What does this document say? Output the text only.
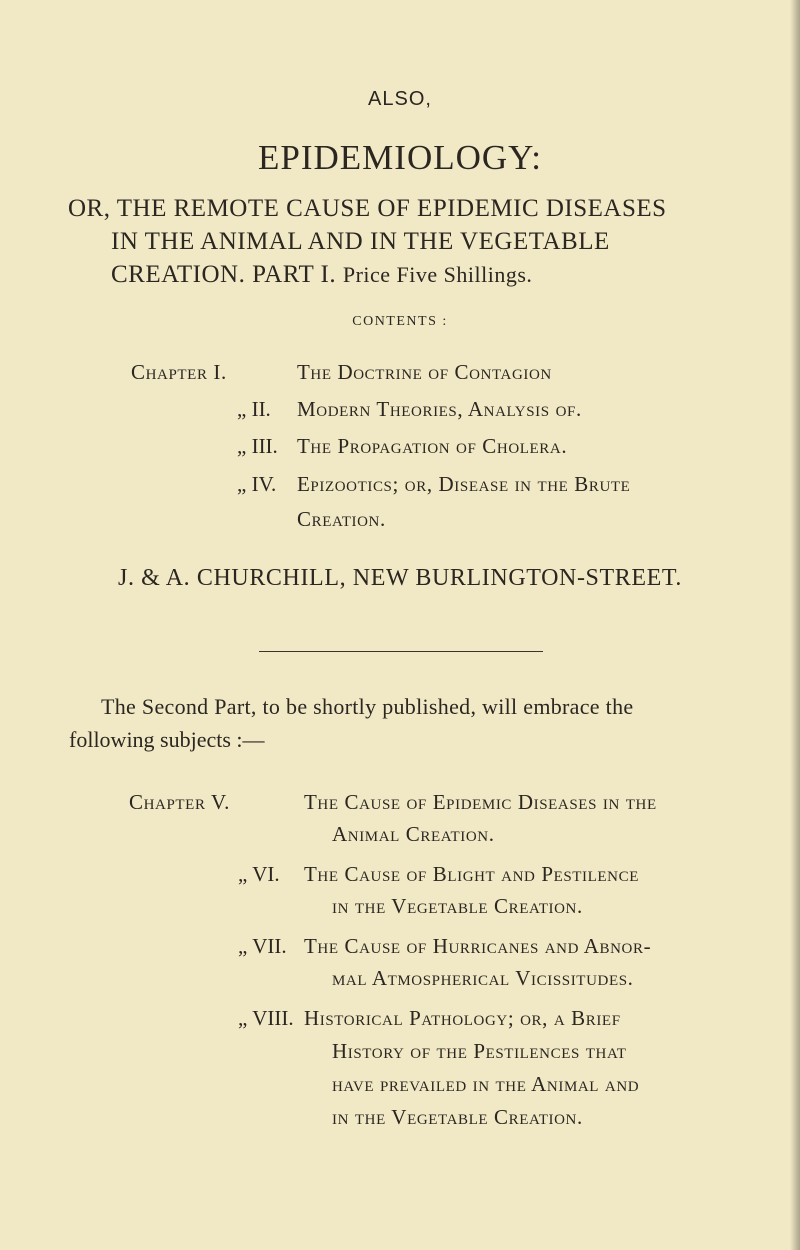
ALSO,
EPIDEMIOLOGY:
OR, THE REMOTE CAUSE OF EPIDEMIC DISEASES
IN THE ANIMAL AND IN THE VEGETABLE
CREATION. PART I. Price Five Shillings.
CONTENTS :
Chapter I.	The Doctrine of Contagion
„ II. Modern Theories, Analysis of.
„ III. The Propagation of Cholera.
„ IV. Epizootics; or, Disease in the Brute
Creation.
J. & A. CHURCHILL, NEW BURLINGTON-STREET.
The Second Part, to be shortly published, will embrace the
following subjects :—
Chapter V.	The Cause of Epidemic Diseases in the
Animal Creation.
„ VI. The Cause of Blight and Pestilence
in the Vegetable Creation.
„ VII. The Cause of Hurricanes and Abnor-
mal Atmospherical Vicissitudes.
„ VIII. Historical Pathology; or, a Brief
History of the Pestilences that
have prevailed in the Animal and
in the Vegetable Creation.
